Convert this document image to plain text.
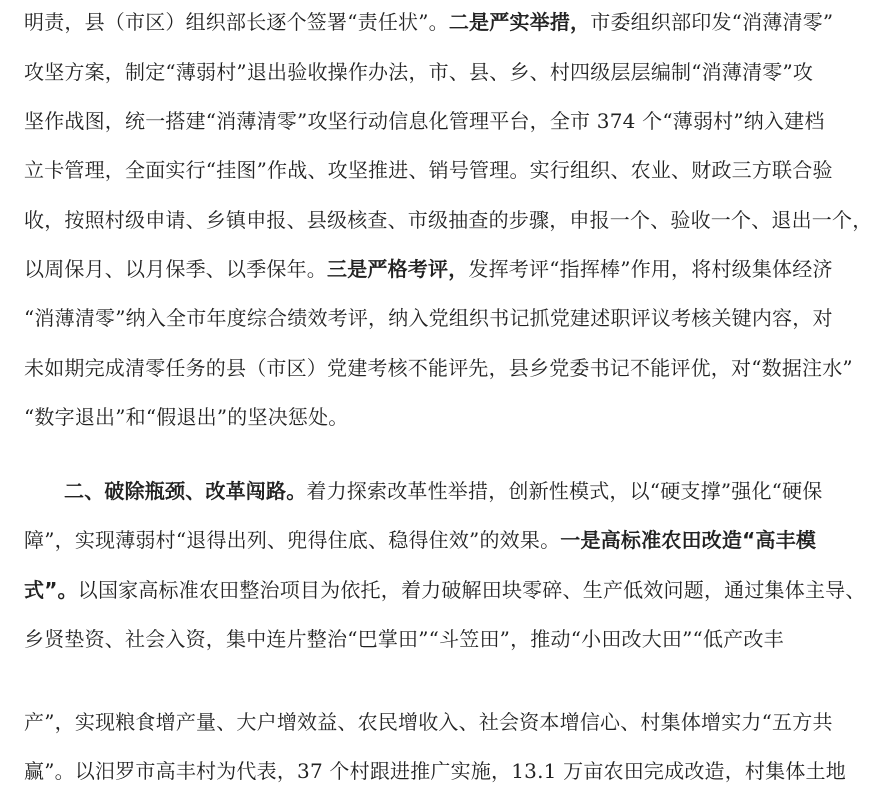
明责，县（市区）组织部长逐个签署“责任状”。二是严实举措，市委组织部印发“消薄清零”
攻坚方案，制定“薄弱村”退出验收操作办法，市、县、乡、村四级层层编制“消薄清零”攻
坚作战图，统一搭建“消薄清零”攻坚行动信息化管理平台，全市 374 个“薄弱村”纳入建档
立卡管理，全面实行“挂图”作战、攻坚推进、销号管理。实行组织、农业、财政三方联合验
收，按照村级申请、乡镇申报、县级核查、市级抽查的步骤，申报一个、验收一个、退出一个，
以周保月、以月保季、以季保年。三是严格考评，发挥考评“指挥棒”作用，将村级集体经济
“消薄清零”纳入全市年度综合绩效考评，纳入党组织书记抓党建述职评议考核关键内容，对
未如期完成清零任务的县（市区）党建考核不能评先，县乡党委书记不能评优，对“数据注水”
“数字退出”和“假退出”的坚决惩处。
二、破除瓶颈、改革闯路。着力探索改革性举措，创新性模式，以“硬支撑”强化“硬保
障”，实现薄弱村“退得出列、兜得住底、稳得住效”的效果。一是高标准农田改造“高丰模
式”。以国家高标准农田整治项目为依托，着力破解田块零碎、生产低效问题，通过集体主导、
乡贤垫资、社会入资，集中连片整治“巴掌田”“斗笠田”，推动“小田改大田”“低产改丰
产”，实现粮食增产量、大户增效益、农民增收入、社会资本增信心、村集体增实力“五方共
赢”。以汨罗市高丰村为代表，37 个村跟进推广实施，13.1 万亩农田完成改造，村集体土地
